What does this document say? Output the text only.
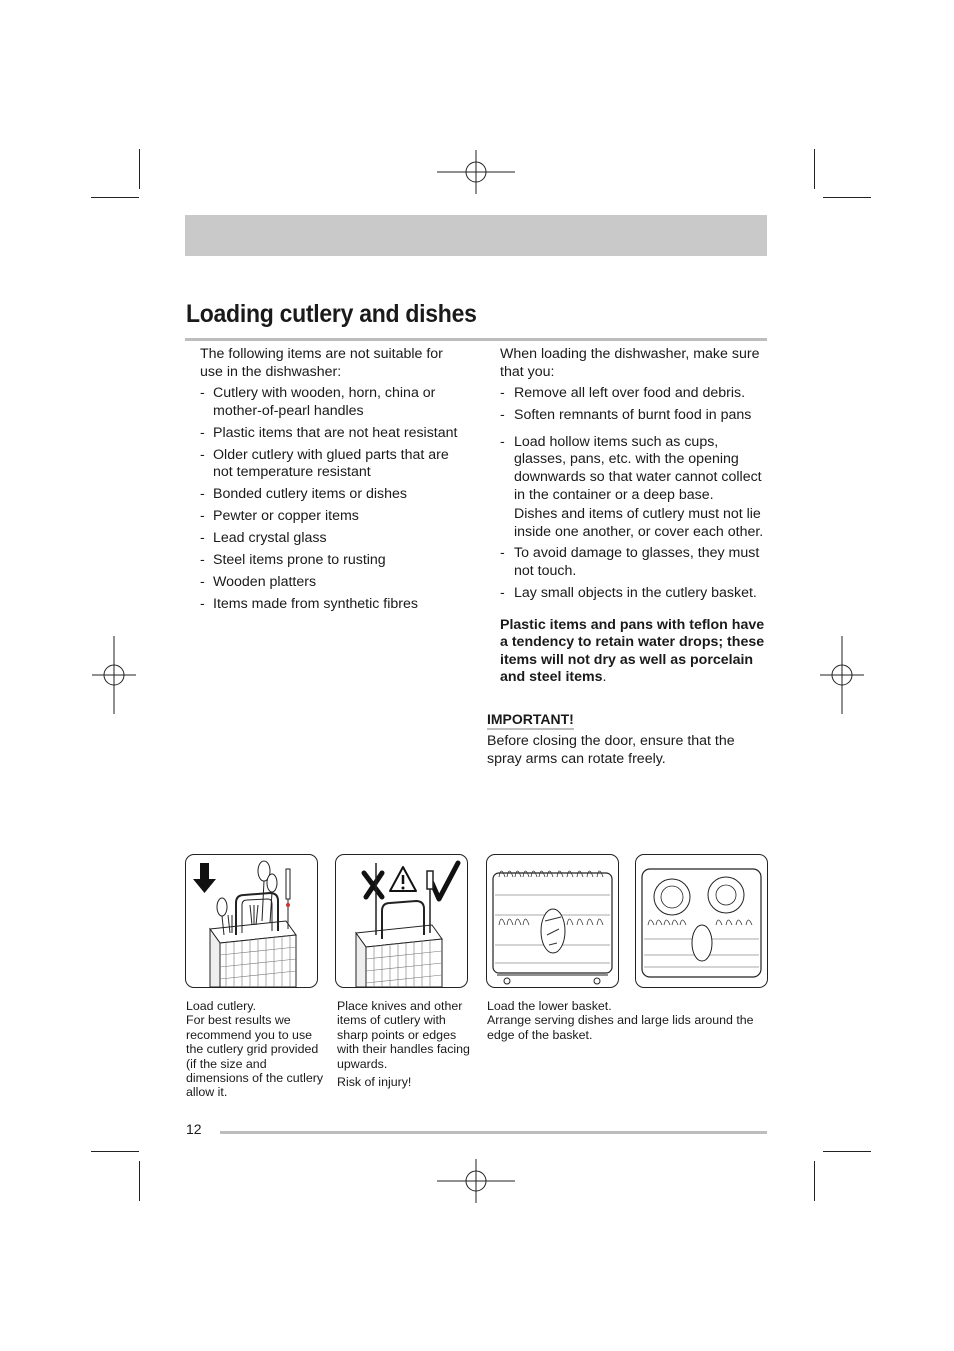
Loading cutlery and dishes

The following items are not suitable for use in the dishwasher:

- Cutlery with wooden, horn, china or mother-of-pearl handles
- Plastic items that are not heat resistant
- Older cutlery with glued parts that are not temperature resistant
- Bonded cutlery items or dishes
- Pewter or copper items
- Lead crystal glass
- Steel items prone to rusting
- Wooden platters
- Items made from synthetic fibres

When loading the dishwasher, make sure that you:

- Remove all left over food and debris.
- Soften remnants of burnt food in pans
- Load hollow items such as cups, glasses, pans, etc. with the opening downwards so that water cannot collect in the container or a deep base.

Dishes and items of cutlery must not lie inside one another, or cover each other.

- To avoid damage to glasses, they must not touch.
- Lay small objects in the cutlery basket.

Plastic items and pans with teflon have a tendency to retain water drops; these items will not dry as well as porcelain and steel items.

IMPORTANT!
Before closing the door, ensure that the spray arms can rotate freely.

Load cutlery.

For best results we recommend you to use the cutlery grid provided (if the size and dimensions of the cutlery allow it.

Place knives and other items of cutlery with sharp points or edges with their handles facing upwards.

Risk of injury!

Load the lower basket.

Arrange serving dishes and large lids around the edge of the basket.

12
